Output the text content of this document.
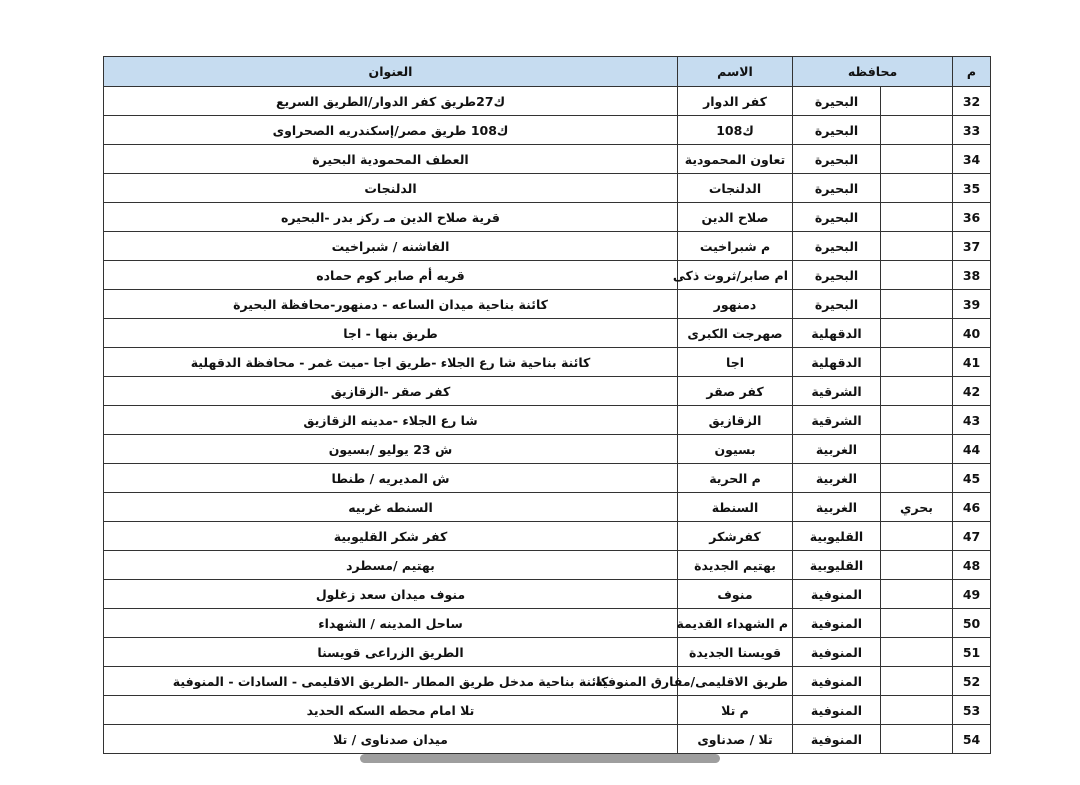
م	محافظه		الاسم	العنوان
32		البحيرة	كفر الدوار	ك27طريق كفر الدوار/الطريق السريع
33		البحيرة	ك108	ك108 طريق مصر/إسكندريه الصحراوى
34		البحيرة	تعاون المحمودية	العطف المحمودية البحيرة
35		البحيرة	الدلنجات	الدلنجات
36		البحيرة	صلاح الدين	قرية صلاح الدين مـ ركز بدر -البحيره
37		البحيرة	م شبراخيت	الفاشنه / شبراخيت
38		البحيرة	ام صابر/ثروت ذكى	قريه أم صابر كوم حماده
39		البحيرة	دمنهور	كائنة بناحية ميدان الساعه - دمنهور-محافظة البحيرة
40		الدقهلية	صهرجت الكبرى	طريق بنها - اجا
41		الدقهلية	اجا	كائنة بناحية شا رع الجلاء -طريق اجا -ميت غمر - محافظة الدقهلية
42		الشرقية	كفر صقر	كفر صقر -الزقازيق
43		الشرقية	الزقازيق	شا رع الجلاء -مدينه الزقازيق
44		الغربية	بسيون	ش 23 يوليو /بسيون
45		الغربية	م الحرية	ش المديريه / طنطا
46	بحري	الغربية	السنطة	السنطه غربيه
47		القليوبية	كفرشكر	كفر شكر القليوبية
48		القليوبية	بهتيم الجديدة	بهتيم /مسطرد
49		المنوفية	منوف	منوف ميدان سعد زغلول
50		المنوفية	م الشهداء القديمة	ساحل المدينه / الشهداء
51		المنوفية	قويسنا الجديدة	الطريق الزراعى قويسنا
52		المنوفية	طريق الاقليمى/مفارق المنوفية	كائنة بناحية مدخل طريق المطار -الطريق الاقليمى - السادات - المنوفية
53		المنوفية	م تلا	تلا امام محطه السكه الحديد
54		المنوفية	تلا / صدناوى	ميدان صدناوى / تلا
